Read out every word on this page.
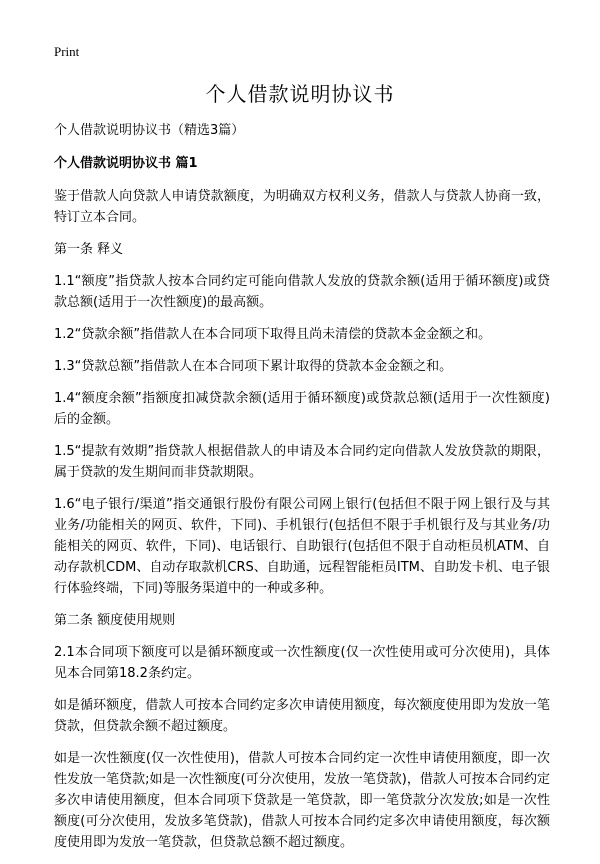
Print
个人借款说明协议书

个人借款说明协议书（精选3篇）

个人借款说明协议书 篇1

鉴于借款人向贷款人申请贷款额度，为明确双方权利义务，借款人与贷款人协商一致，特订立本合同。

第一条 释义

1.1“额度”指贷款人按本合同约定可能向借款人发放的贷款余额(适用于循环额度)或贷款总额(适用于一次性额度)的最高额。

1.2“贷款余额”指借款人在本合同项下取得且尚未清偿的贷款本金金额之和。

1.3“贷款总额”指借款人在本合同项下累计取得的贷款本金金额之和。

1.4“额度余额”指额度扣减贷款余额(适用于循环额度)或贷款总额(适用于一次性额度)后的金额。

1.5“提款有效期”指贷款人根据借款人的申请及本合同约定向借款人发放贷款的期限，属于贷款的发生期间而非贷款期限。

1.6“电子银行/渠道”指交通银行股份有限公司网上银行(包括但不限于网上银行及与其业务/功能相关的网页、软件，下同)、手机银行(包括但不限于手机银行及与其业务/功能相关的网页、软件，下同)、电话银行、自助银行(包括但不限于自动柜员机ATM、自动存款机CDM、自动存取款机CRS、自助通，远程智能柜员ITM、自助发卡机、电子银行体验终端，下同)等服务渠道中的一种或多种。

第二条 额度使用规则

2.1本合同项下额度可以是循环额度或一次性额度(仅一次性使用或可分次使用)，具体见本合同第18.2条约定。

如是循环额度，借款人可按本合同约定多次申请使用额度，每次额度使用即为发放一笔贷款，但贷款余额不超过额度。

如是一次性额度(仅一次性使用)，借款人可按本合同约定一次性申请使用额度，即一次性发放一笔贷款;如是一次性额度(可分次使用，发放一笔贷款)，借款人可按本合同约定多次申请使用额度，但本合同项下贷款是一笔贷款，即一笔贷款分次发放;如是一次性额度(可分次使用，发放多笔贷款)，借款人可按本合同约定多次申请使用额度，每次额度使用即为发放一笔贷款，但贷款总额不超过额度。
